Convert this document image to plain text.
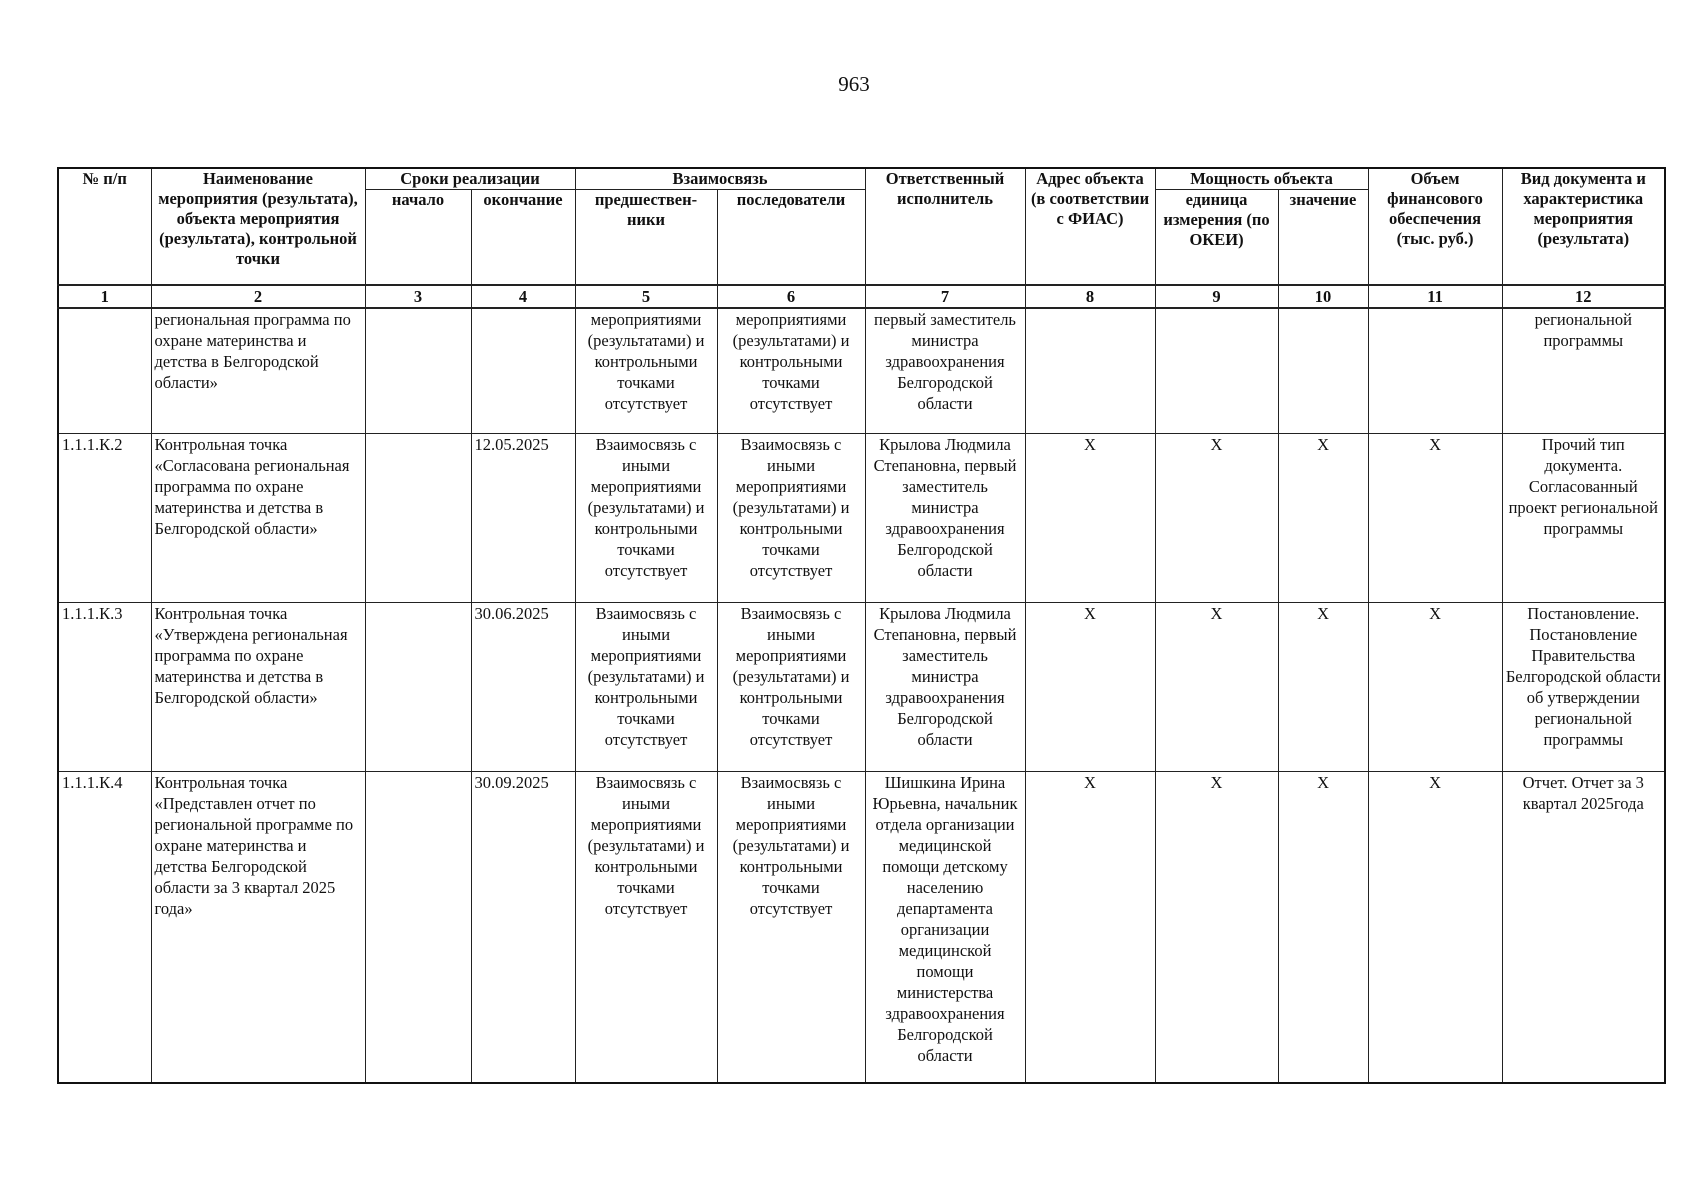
963
№ п/п	Наименование мероприятия (результата), объекта мероприятия (результата), контрольной точки	Сроки реализации		Взаимосвязь		Ответственный исполнитель	Адрес объекта (в соответствии с ФИАС)	Мощность объекта		Объем финансового обеспечения (тыс. руб.)	Вид документа и характеристика мероприятия (результата)
		начало	окончание	предшествен-ники	последователи			единица измерения (по ОКЕИ)	значение		
1	2	3	4	5	6	7	8	9	10	11	12
	региональная программа по охране материнства и детства в Белгородской области»			мероприятиями (результатами) и контрольными точками отсутствует	мероприятиями (результатами) и контрольными точками отсутствует	первый заместитель министра здравоохранения Белгородской области					региональной программы
1.1.1.К.2	Контрольная точка «Согласована региональная программа по охране материнства и детства в Белгородской области»		12.05.2025	Взаимосвязь с иными мероприятиями (результатами) и контрольными точками отсутствует	Взаимосвязь с иными мероприятиями (результатами) и контрольными точками отсутствует	Крылова Людмила Степановна, первый заместитель министра здравоохранения Белгородской области	X	X	X	X	Прочий тип документа. Согласованный проект региональной программы
1.1.1.К.3	Контрольная точка «Утверждена региональная программа по охране материнства и детства в Белгородской области»		30.06.2025	Взаимосвязь с иными мероприятиями (результатами) и контрольными точками отсутствует	Взаимосвязь с иными мероприятиями (результатами) и контрольными точками отсутствует	Крылова Людмила Степановна, первый заместитель министра здравоохранения Белгородской области	X	X	X	X	Постановление. Постановление Правительства Белгородской области об утверждении региональной программы
1.1.1.К.4	Контрольная точка «Представлен отчет по региональной программе по охране материнства и детства Белгородской области за 3 квартал 2025 года»		30.09.2025	Взаимосвязь с иными мероприятиями (результатами) и контрольными точками отсутствует	Взаимосвязь с иными мероприятиями (результатами) и контрольными точками отсутствует	Шишкина Ирина Юрьевна, начальник отдела организации медицинской помощи детскому населению департамента организации медицинской помощи министерства здравоохранения Белгородской области	X	X	X	X	Отчет. Отчет за 3 квартал 2025года
